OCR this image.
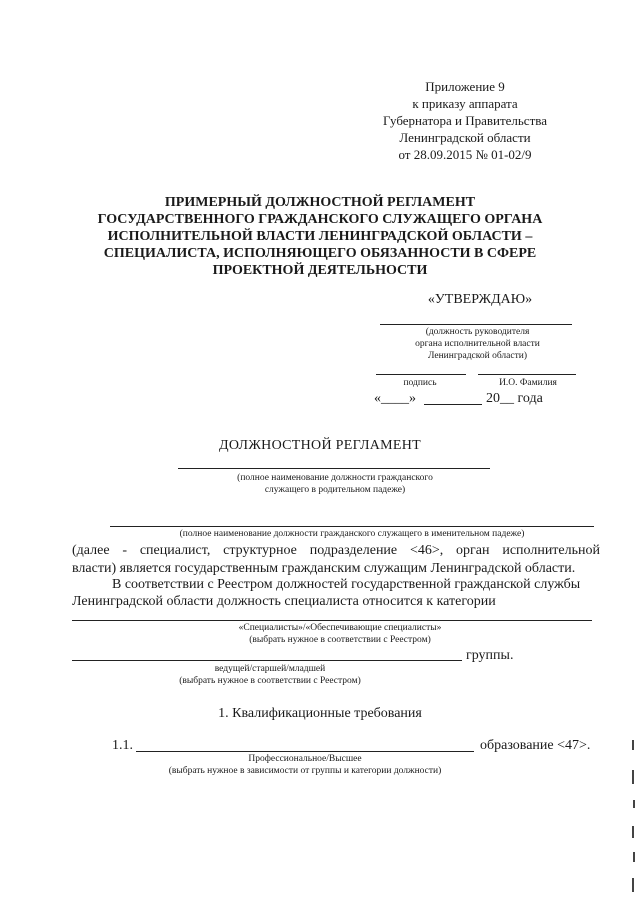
Приложение 9
к приказу аппарата
Губернатора и Правительства
Ленинградской области
от 28.09.2015 № 01-02/9
ПРИМЕРНЫЙ ДОЛЖНОСТНОЙ РЕГЛАМЕНТ
ГОСУДАРСТВЕННОГО ГРАЖДАНСКОГО СЛУЖАЩЕГО ОРГАНА
ИСПОЛНИТЕЛЬНОЙ ВЛАСТИ ЛЕНИНГРАДСКОЙ ОБЛАСТИ –
СПЕЦИАЛИСТА, ИСПОЛНЯЮЩЕГО ОБЯЗАННОСТИ В СФЕРЕ
ПРОЕКТНОЙ ДЕЯТЕЛЬНОСТИ
«УТВЕРЖДАЮ»
(должность руководителя
органа исполнительной власти
Ленинградской области)
подпись	И.О. Фамилия
«____»	20__ года
ДОЛЖНОСТНОЙ РЕГЛАМЕНТ
(полное наименование должности гражданского
служащего в родительном падеже)
(полное наименование должности гражданского служащего в именительном падеже)
(далее - специалист, структурное подразделение <46>, орган исполнительной
власти) является государственным гражданским служащим Ленинградской области.
В соответствии с Реестром должностей государственной гражданской службы
Ленинградской области должность специалиста относится к категории
«Специалисты»/«Обеспечивающие специалисты»
(выбрать нужное в соответствии с Реестром)
группы.
ведущей/старшей/младшей
(выбрать нужное в соответствии с Реестром)
1. Квалификационные требования
1.1.	образование <47>.
Профессиональное/Высшее
(выбрать нужное в зависимости от группы и категории должности)
